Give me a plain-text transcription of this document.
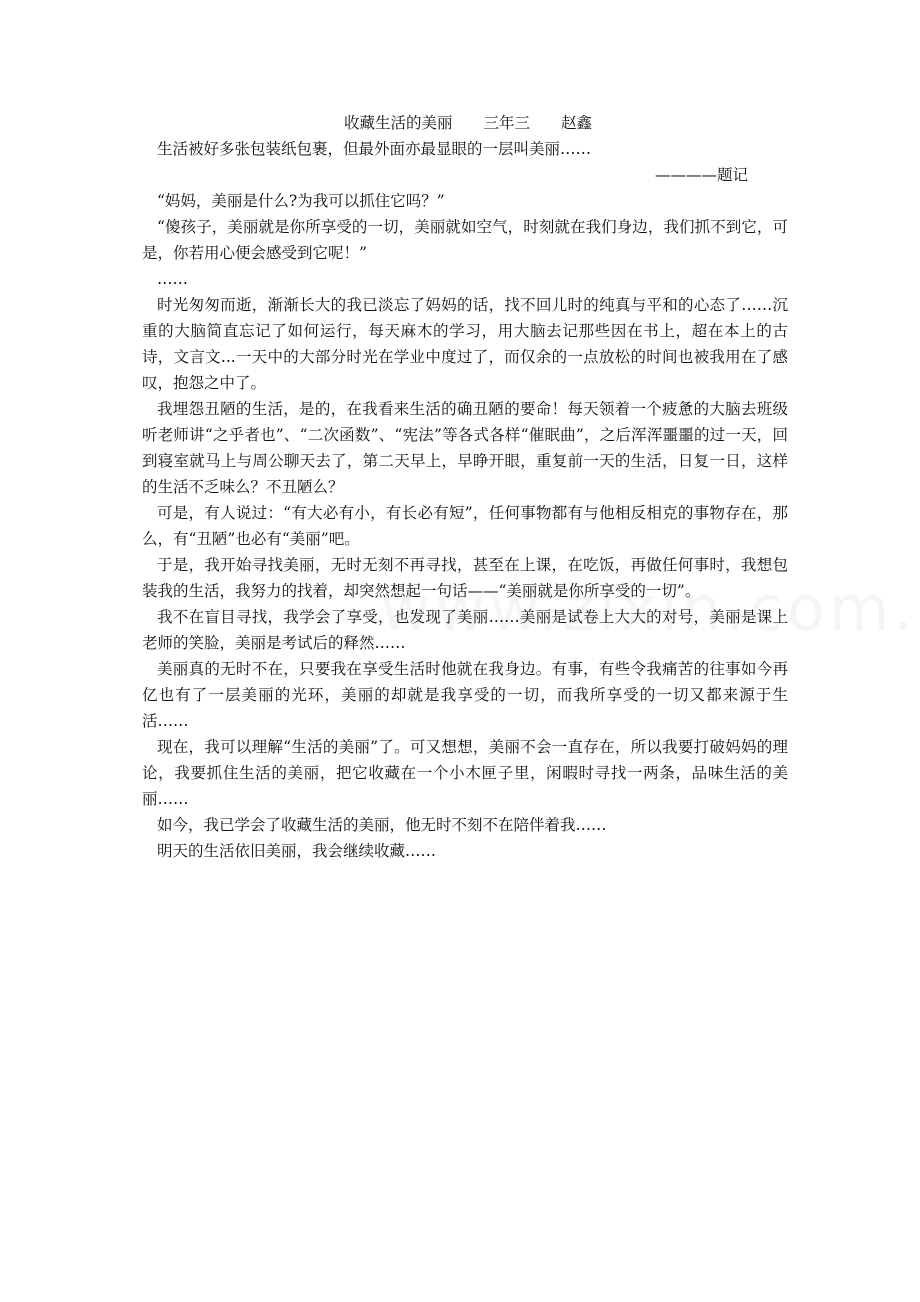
收藏生活的美丽　　三年三　　赵鑫

生活被好多张包装纸包裹，但最外面亦最显眼的一层叫美丽……

————题记

“妈妈，美丽是什么?为我可以抓住它吗？”

“傻孩子，美丽就是你所享受的一切，美丽就如空气，时刻就在我们身边，我们抓不到它，可是，你若用心便会感受到它呢！”

……

时光匆匆而逝，渐渐长大的我已淡忘了妈妈的话，找不回儿时的纯真与平和的心态了……沉重的大脑简直忘记了如何运行，每天麻木的学习，用大脑去记那些因在书上，超在本上的古诗，文言文...一天中的大部分时光在学业中度过了，而仅余的一点放松的时间也被我用在了感叹，抱怨之中了。

我埋怨丑陋的生活，是的，在我看来生活的确丑陋的要命！每天领着一个疲惫的大脑去班级听老师讲“之乎者也”、“二次函数”、“宪法”等各式各样“催眠曲”，之后浑浑噩噩的过一天，回到寝室就马上与周公聊天去了，第二天早上，早睁开眼，重复前一天的生活，日复一日，这样的生活不乏味么？不丑陋么？

可是，有人说过：“有大必有小，有长必有短”，任何事物都有与他相反相克的事物存在，那么，有“丑陋”也必有“美丽”吧。

于是，我开始寻找美丽，无时无刻不再寻找，甚至在上课，在吃饭，再做任何事时，我想包装我的生活，我努力的找着，却突然想起一句话——“美丽就是你所享受的一切”。

我不在盲目寻找，我学会了享受，也发现了美丽……美丽是试卷上大大的对号，美丽是课上老师的笑脸，美丽是考试后的释然……

美丽真的无时不在，只要我在享受生活时他就在我身边。有事，有些令我痛苦的往事如今再亿也有了一层美丽的光环，美丽的却就是我享受的一切，而我所享受的一切又都来源于生活……

现在，我可以理解“生活的美丽”了。可又想想，美丽不会一直存在，所以我要打破妈妈的理论，我要抓住生活的美丽，把它收藏在一个小木匣子里，闲暇时寻找一两条，品味生活的美丽……

如今，我已学会了收藏生活的美丽，他无时不刻不在陪伴着我……

明天的生活依旧美丽，我会继续收藏……
